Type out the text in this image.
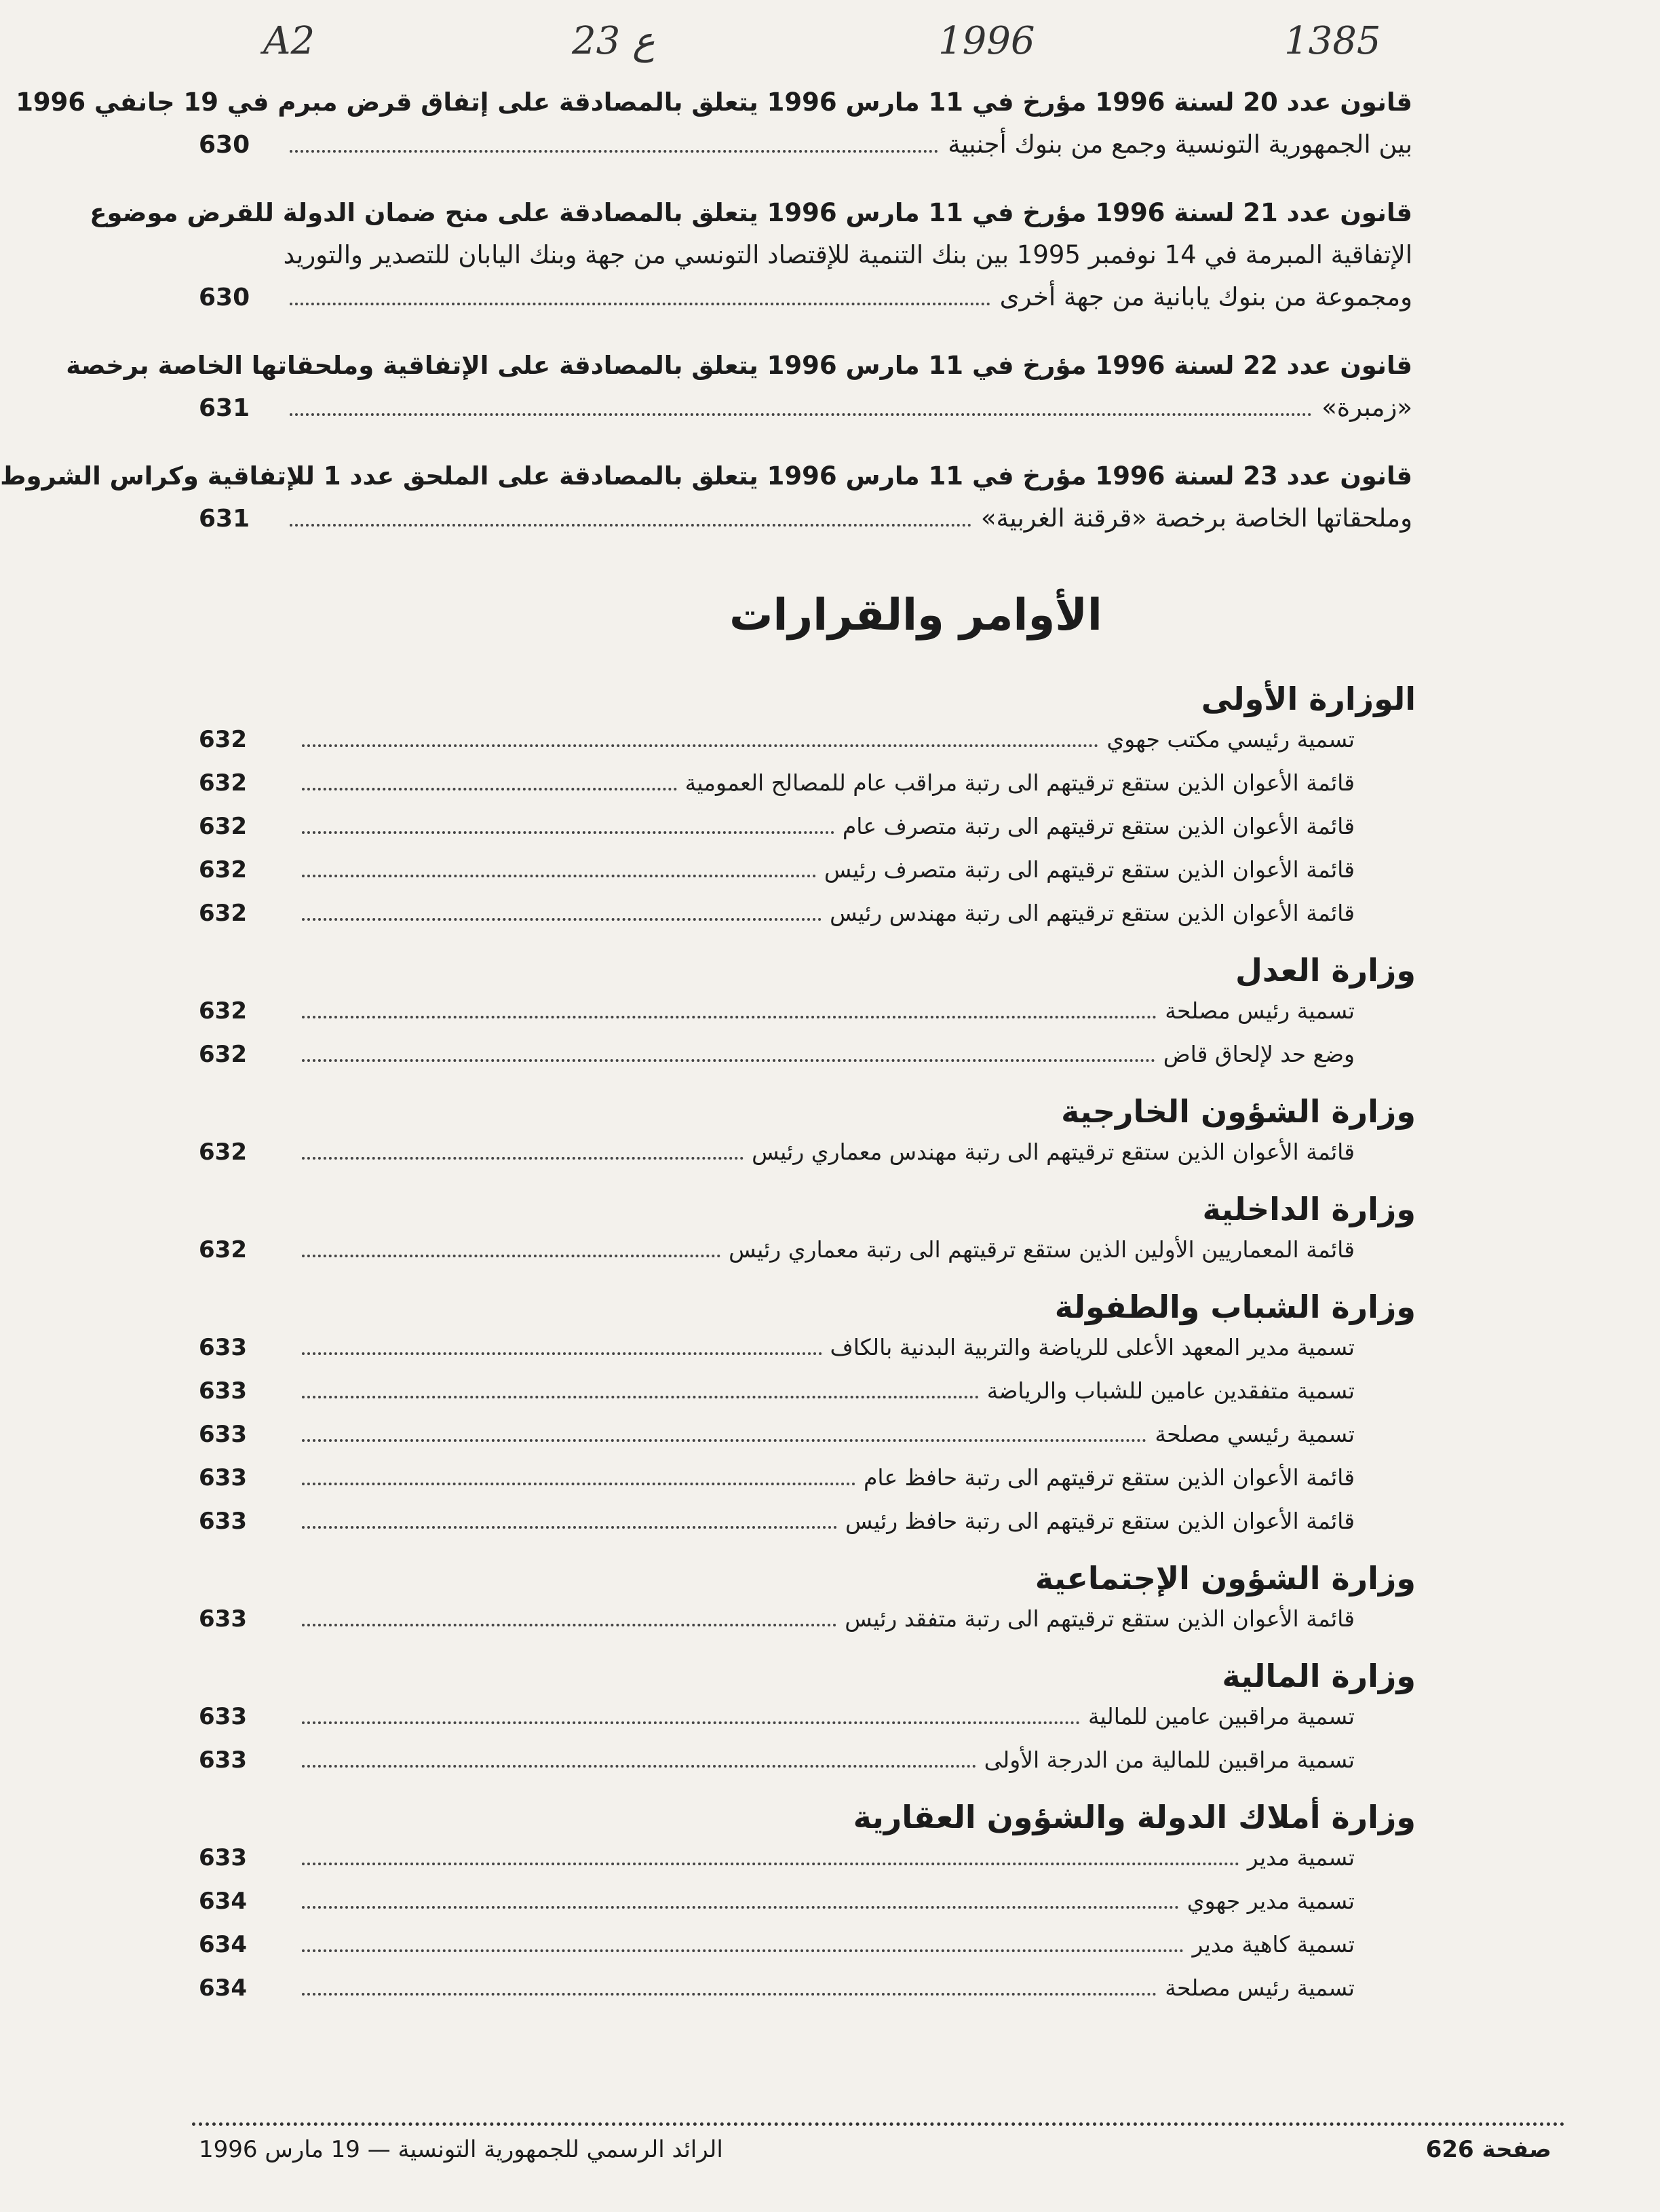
A2	23 ع	1996	1385
قانون عدد 20 لسنة 1996 مؤرخ في 11 مارس 1996 يتعلق بالمصادقة على إتفاق قرض مبرم في 19 جانفي 1996
بين الجمهورية التونسية وجمع من بنوك أجنبية
630
قانون عدد 21 لسنة 1996 مؤرخ في 11 مارس 1996 يتعلق بالمصادقة على منح ضمان الدولة للقرض موضوع
الإتفاقية المبرمة في 14 نوفمبر 1995 بين بنك التنمية للإقتصاد التونسي من جهة وبنك اليابان للتصدير والتوريد
ومجموعة من بنوك يابانية من جهة أخرى
630
قانون عدد 22 لسنة 1996 مؤرخ في 11 مارس 1996 يتعلق بالمصادقة على الإتفاقية وملحقاتها الخاصة برخصة
«زمبرة»
631
قانون عدد 23 لسنة 1996 مؤرخ في 11 مارس 1996 يتعلق بالمصادقة على الملحق عدد 1 للإتفاقية وكراس الشروط
وملحقاتها الخاصة برخصة «قرقنة الغربية»
631
الأوامر والقرارات
الوزارة الأولى
تسمية رئيسي مكتب جهوي
632
قائمة الأعوان الذين ستقع ترقيتهم الى رتبة مراقب عام للمصالح العمومية
632
قائمة الأعوان الذين ستقع ترقيتهم الى رتبة متصرف عام
632
قائمة الأعوان الذين ستقع ترقيتهم الى رتبة متصرف رئيس
632
قائمة الأعوان الذين ستقع ترقيتهم الى رتبة مهندس رئيس
632
وزارة العدل
تسمية رئيس مصلحة
632
وضع حد لإلحاق قاض
632
وزارة الشؤون الخارجية
قائمة الأعوان الذين ستقع ترقيتهم الى رتبة مهندس معماري رئيس
632
وزارة الداخلية
قائمة المعماريين الأولين الذين ستقع ترقيتهم الى رتبة معماري رئيس
632
وزارة الشباب والطفولة
تسمية مدير المعهد الأعلى للرياضة والتربية البدنية بالكاف
633
تسمية متفقدين عامين للشباب والرياضة
633
تسمية رئيسي مصلحة
633
قائمة الأعوان الذين ستقع ترقيتهم الى رتبة حافظ عام
633
قائمة الأعوان الذين ستقع ترقيتهم الى رتبة حافظ رئيس
633
وزارة الشؤون الإجتماعية
قائمة الأعوان الذين ستقع ترقيتهم الى رتبة متفقد رئيس
633
وزارة المالية
تسمية مراقبين عامين للمالية
633
تسمية مراقبين للمالية من الدرجة الأولى
633
وزارة أملاك الدولة والشؤون العقارية
تسمية مدير
633
تسمية مدير جهوي
634
تسمية كاهية مدير
634
تسمية رئيس مصلحة
634
صفحة 626
الرائد الرسمي للجمهورية التونسية — 19 مارس 1996
